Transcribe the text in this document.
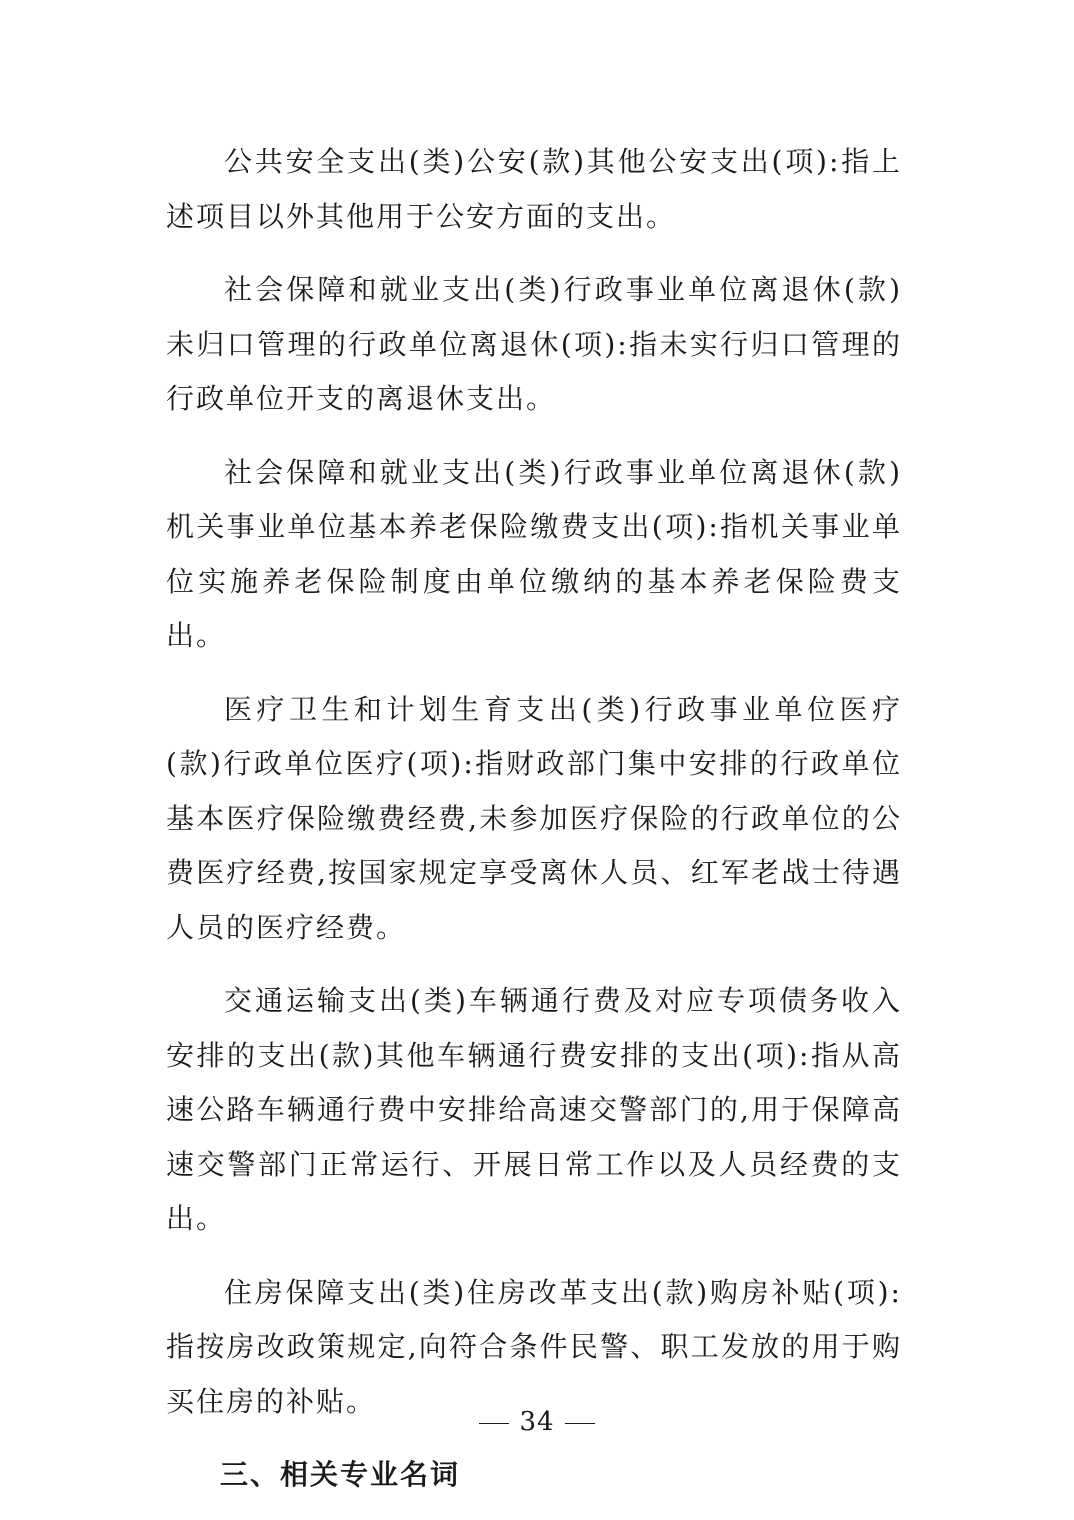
公共安全支出(类)公安(款)其他公安支出(项):指上述项目以外其他用于公安方面的支出。

社会保障和就业支出(类)行政事业单位离退休(款)未归口管理的行政单位离退休(项):指未实行归口管理的行政单位开支的离退休支出。

社会保障和就业支出(类)行政事业单位离退休(款)机关事业单位基本养老保险缴费支出(项):指机关事业单位实施养老保险制度由单位缴纳的基本养老保险费支出。

医疗卫生和计划生育支出(类)行政事业单位医疗(款)行政单位医疗(项):指财政部门集中安排的行政单位基本医疗保险缴费经费,未参加医疗保险的行政单位的公费医疗经费,按国家规定享受离休人员、红军老战士待遇人员的医疗经费。

交通运输支出(类)车辆通行费及对应专项债务收入安排的支出(款)其他车辆通行费安排的支出(项):指从高速公路车辆通行费中安排给高速交警部门的,用于保障高速交警部门正常运行、开展日常工作以及人员经费的支出。

住房保障支出(类)住房改革支出(款)购房补贴(项):指按房改政策规定,向符合条件民警、职工发放的用于购买住房的补贴。

三、相关专业名词

34
